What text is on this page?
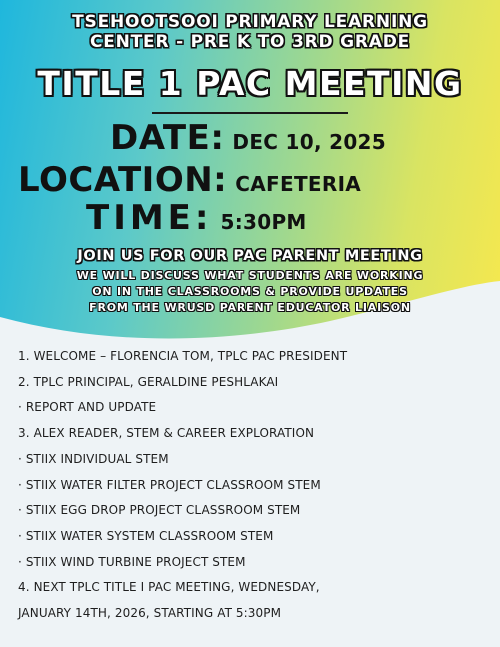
TSEHOOTSOOI PRIMARY LEARNING
CENTER - PRE K TO 3RD GRADE
TITLE 1 PAC MEETING
DATE: DEC 10, 2025
LOCATION: CAFETERIA
TIME: 5:30PM
JOIN US FOR OUR PAC PARENT MEETING
WE WILL DISCUSS WHAT STUDENTS ARE WORKING
ON IN THE CLASSROOMS & PROVIDE UPDATES
FROM THE WRUSD PARENT EDUCATOR LIAISON
1. WELCOME – FLORENCIA TOM, TPLC PAC PRESIDENT
2. TPLC PRINCIPAL, GERALDINE PESHLAKAI
· REPORT AND UPDATE
3. ALEX READER, STEM & CAREER EXPLORATION
· STIIX INDIVIDUAL STEM
· STIIX WATER FILTER PROJECT CLASSROOM STEM
· STIIX EGG DROP PROJECT CLASSROOM STEM
· STIIX WATER SYSTEM CLASSROOM STEM
· STIIX WIND TURBINE PROJECT STEM
4. NEXT TPLC TITLE I PAC MEETING, WEDNESDAY,
JANUARY 14TH, 2026, STARTING AT 5:30PM
